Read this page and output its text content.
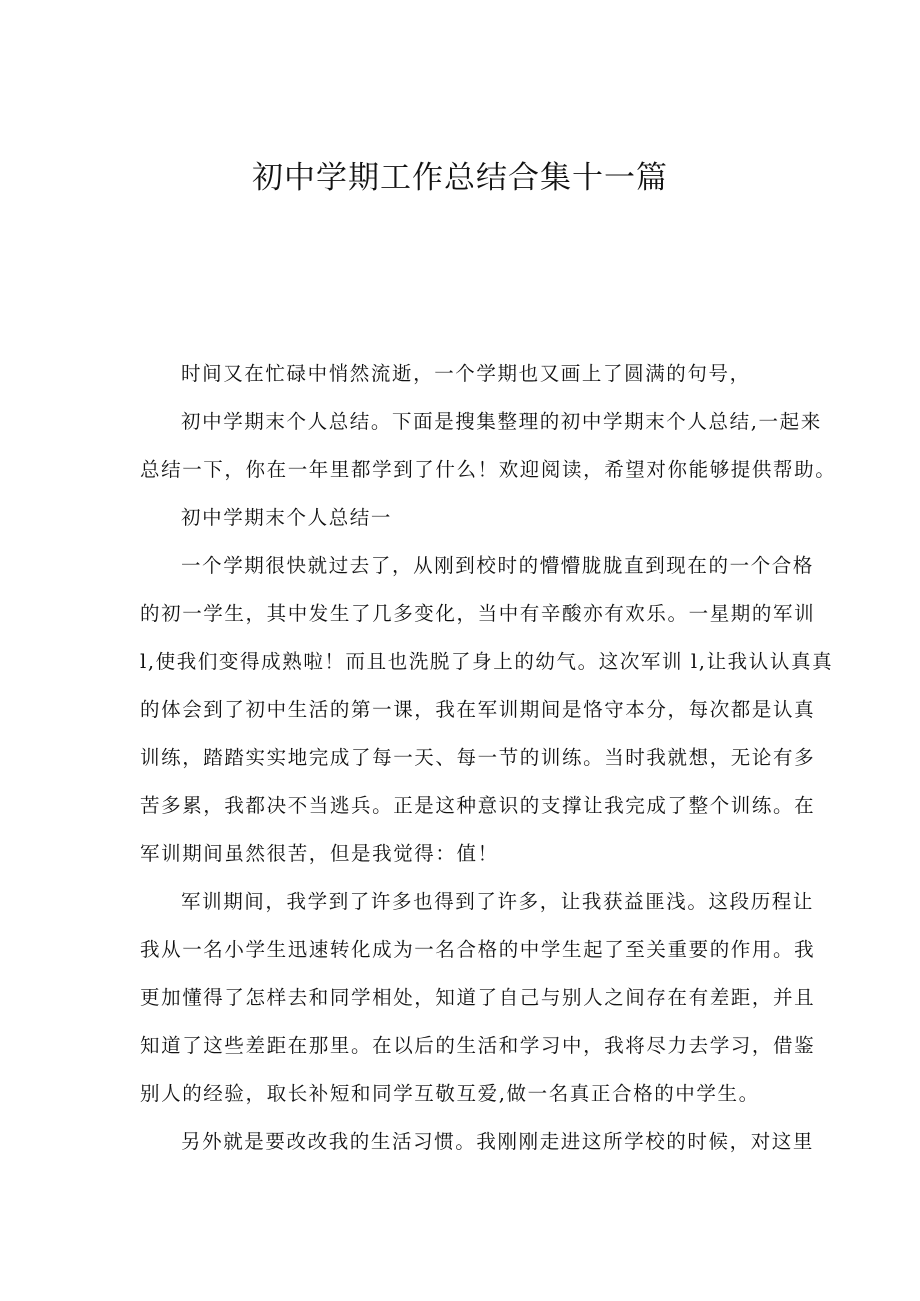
初中学期工作总结合集十一篇

时间又在忙碌中悄然流逝，一个学期也又画上了圆满的句号，

初中学期末个人总结。下面是搜集整理的初中学期末个人总结,一起来

总结一下，你在一年里都学到了什么！欢迎阅读，希望对你能够提供帮助。

初中学期末个人总结一

一个学期很快就过去了，从刚到校时的懵懵胧胧直到现在的一个合格

的初一学生，其中发生了几多变化，当中有辛酸亦有欢乐。一星期的军训

l,使我们变得成熟啦！而且也洗脱了身上的幼气。这次军训 l,让我认认真真

的体会到了初中生活的第一课，我在军训期间是恪守本分，每次都是认真

训练，踏踏实实地完成了每一天、每一节的训练。当时我就想，无论有多

苦多累，我都决不当逃兵。正是这种意识的支撑让我完成了整个训练。在

军训期间虽然很苦，但是我觉得：值！

军训期间，我学到了许多也得到了许多，让我获益匪浅。这段历程让

我从一名小学生迅速转化成为一名合格的中学生起了至关重要的作用。我

更加懂得了怎样去和同学相处，知道了自己与别人之间存在有差距，并且

知道了这些差距在那里。在以后的生活和学习中，我将尽力去学习，借鉴

别人的经验，取长补短和同学互敬互爱,做一名真正合格的中学生。

另外就是要改改我的生活习惯。我刚刚走进这所学校的时候，对这里
